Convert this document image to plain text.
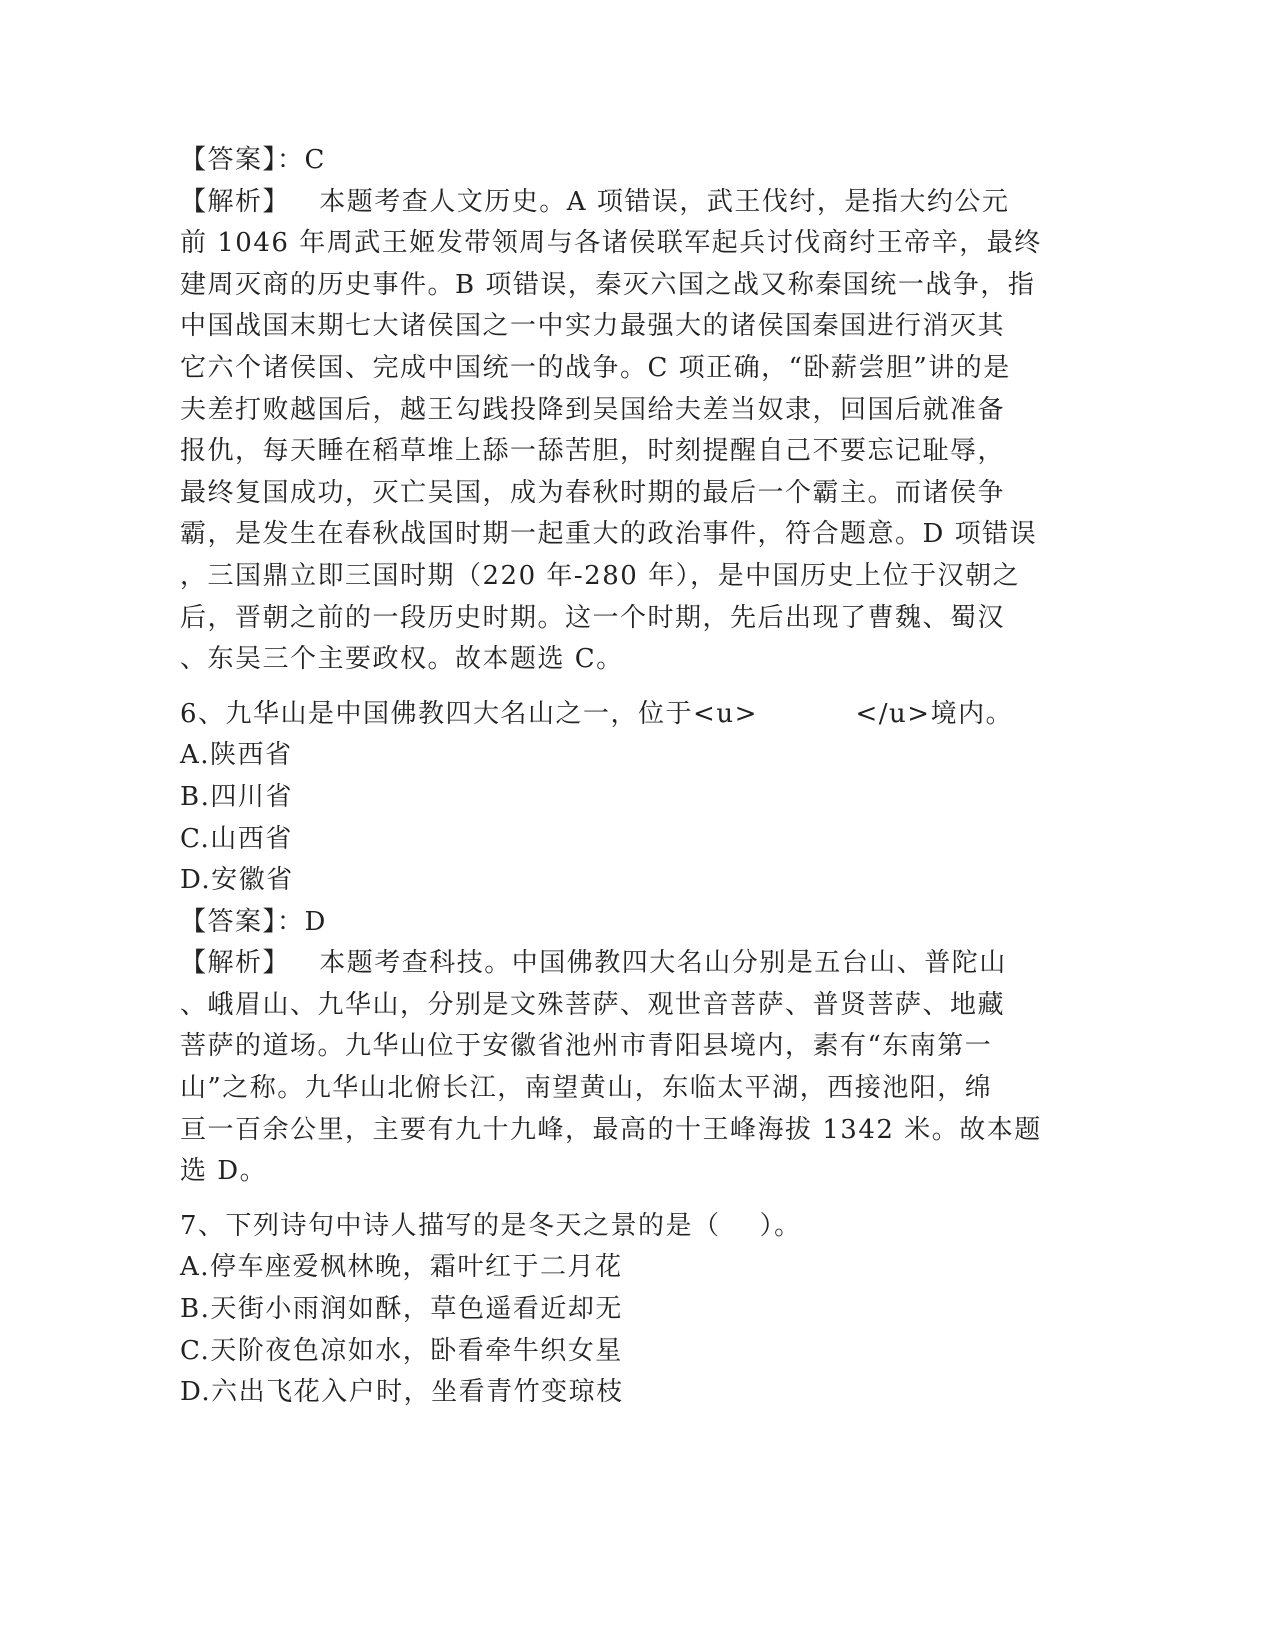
【答案】：C
【解析】   本题考查人文历史。A 项错误，武王伐纣，是指大约公元
前 1046 年周武王姬发带领周与各诸侯联军起兵讨伐商纣王帝辛，最终
建周灭商的历史事件。B 项错误，秦灭六国之战又称秦国统一战争，指
中国战国末期七大诸侯国之一中实力最强大的诸侯国秦国进行消灭其
它六个诸侯国、完成中国统一的战争。C 项正确，“卧薪尝胆”讲的是
夫差打败越国后，越王勾践投降到吴国给夫差当奴隶，回国后就准备
报仇，每天睡在稻草堆上舔一舔苦胆，时刻提醒自己不要忘记耻辱，
最终复国成功，灭亡吴国，成为春秋时期的最后一个霸主。而诸侯争
霸，是发生在春秋战国时期一起重大的政治事件，符合题意。D 项错误
，三国鼎立即三国时期（220 年-280 年），是中国历史上位于汉朝之
后，晋朝之前的一段历史时期。这一个时期，先后出现了曹魏、蜀汉
、东吴三个主要政权。故本题选 C。
6、九华山是中国佛教四大名山之一，位于<u>          </u>境内。
A.陕西省
B.四川省
C.山西省
D.安徽省
【答案】：D
【解析】   本题考查科技。中国佛教四大名山分别是五台山、普陀山
、峨眉山、九华山，分别是文殊菩萨、观世音菩萨、普贤菩萨、地藏
菩萨的道场。九华山位于安徽省池州市青阳县境内，素有“东南第一
山”之称。九华山北俯长江，南望黄山，东临太平湖，西接池阳，绵
亘一百余公里，主要有九十九峰，最高的十王峰海拔 1342 米。故本题
选 D。
7、下列诗句中诗人描写的是冬天之景的是（    ）。
A.停车座爱枫林晚，霜叶红于二月花
B.天街小雨润如酥，草色遥看近却无
C.天阶夜色凉如水，卧看牵牛织女星
D.六出飞花入户时，坐看青竹变琼枝
